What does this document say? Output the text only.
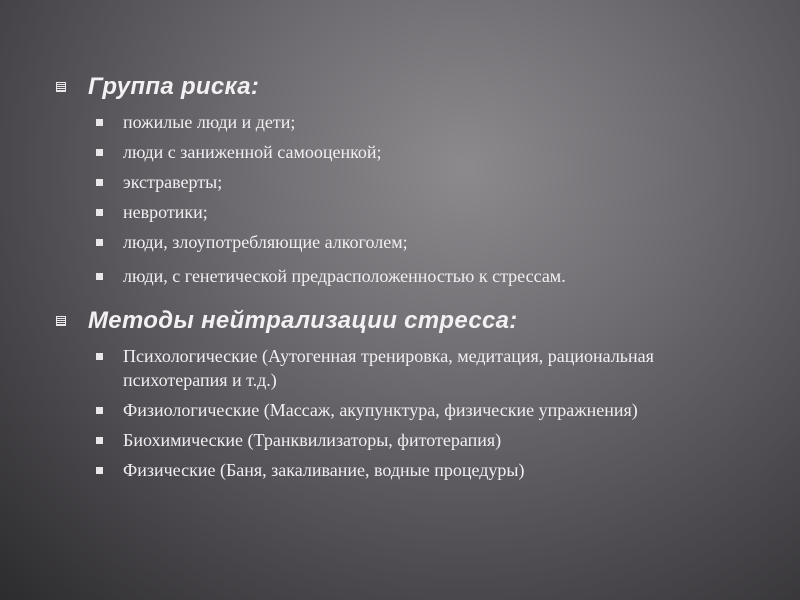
Группа риска:
пожилые люди и дети;
люди с заниженной самооценкой;
экстраверты;
невротики;
люди, злоупотребляющие алкоголем;
люди, с генетической предрасположенностью к стрессам.
Методы нейтрализации стресса:
Психологические (Аутогенная тренировка, медитация, рациональная психотерапия и т.д.)
Физиологические (Массаж, акупунктура, физические упражнения)
Биохимические (Транквилизаторы, фитотерапия)
Физические (Баня, закаливание, водные процедуры)
